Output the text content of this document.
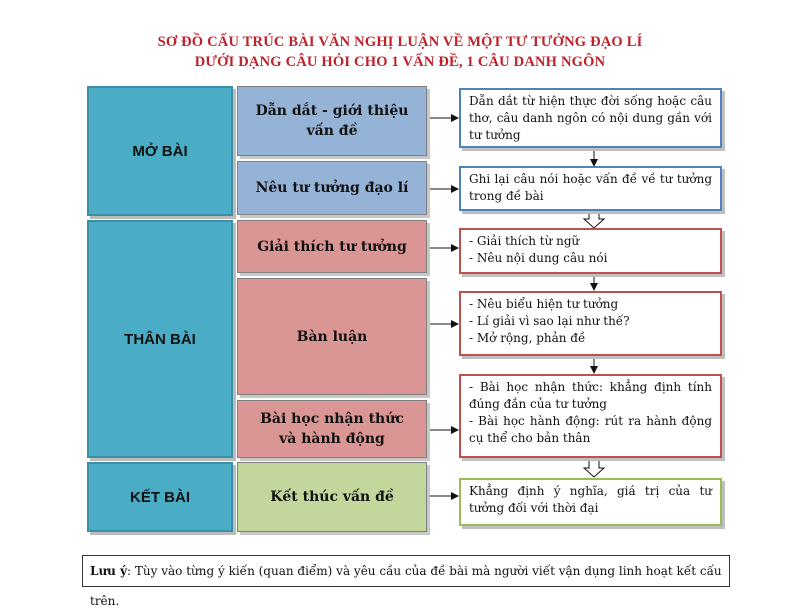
SƠ ĐỒ CẤU TRÚC BÀI VĂN NGHỊ LUẬN VỀ MỘT TƯ TƯỞNG ĐẠO LÍ
DƯỚI DẠNG CÂU HỎI CHO 1 VẤN ĐỀ, 1 CÂU DANH NGÔN
MỞ BÀI
THÂN BÀI
KẾT BÀI
Dẫn dắt - giới thiệu vấn đề
Nêu tư tưởng đạo lí
Giải thích tư tưởng
Bàn luận
Bài học nhận thức và hành động
Kết thúc vấn đề
Dẫn dắt từ hiện thực đời sống hoặc câu thơ, câu danh ngôn có nội dung gần với tư tưởng
Ghi lại câu nói hoặc vấn đề về tư tưởng trong đề bài
- Giải thích từ ngữ
- Nêu nội dung câu nói
- Nêu biểu hiện tư tưởng
- Lí giải vì sao lại như thế?
- Mở rộng, phản đề
- Bài học nhận thức: khẳng định tính đúng đắn của tư tưởng
- Bài học hành động: rút ra hành động cụ thể cho bản thân
Khẳng định ý nghĩa, giá trị của tư tưởng đối với thời đại
Lưu ý: Tùy vào từng ý kiến (quan điểm) và yêu cầu của đề bài mà người viết vận dụng linh hoạt kết cấu trên.
